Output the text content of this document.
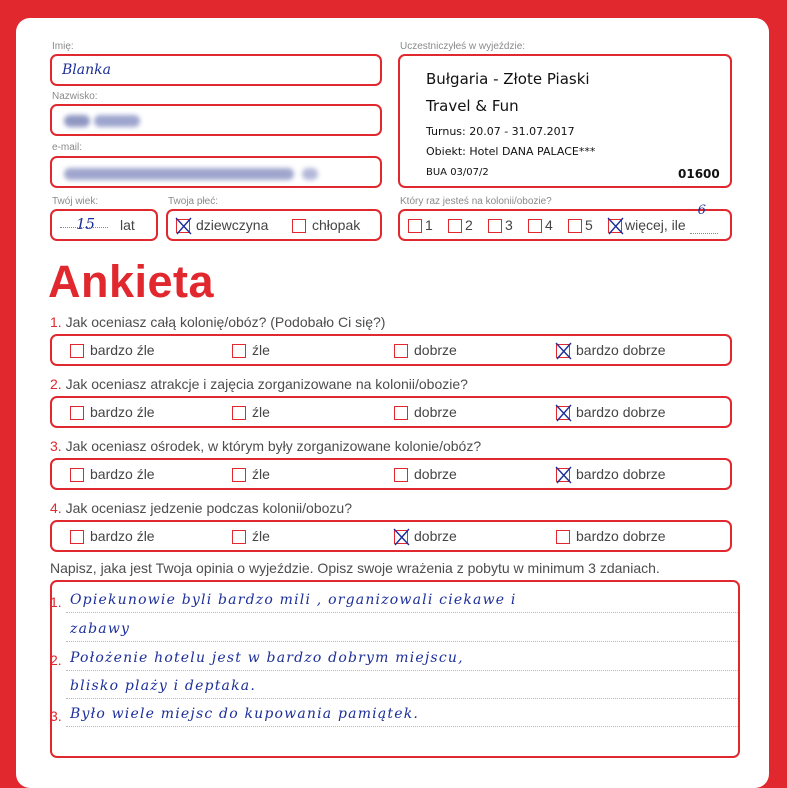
Imię:
Blanka
Nazwisko:
e-mail:
Twój wiek:
15 lat
Twoja płeć:
dziewczyna	chłopak
Uczestniczyłeś w wyjeździe:
Bułgaria - Złote Piaski
Travel & Fun
Turnus: 20.07 - 31.07.2017
Obiekt: Hotel DANA PALACE***
BUA 03/07/2	01600
Który raz jesteś na kolonii/obozie?
1	2	3	4	5	więcej, ile
6

Ankieta
1. Jak oceniasz całą kolonię/obóz? (Podobało Ci się?)
bardzo źle	źle	dobrze	bardzo dobrze
2. Jak oceniasz atrakcje i zajęcia zorganizowane na kolonii/obozie?
bardzo źle	źle	dobrze	bardzo dobrze
3. Jak oceniasz ośrodek, w którym były zorganizowane kolonie/obóz?
bardzo źle	źle	dobrze	bardzo dobrze
4. Jak oceniasz jedzenie podczas kolonii/obozu?
bardzo źle	źle	dobrze	bardzo dobrze
Napisz, jaka jest Twoja opinia o wyjeździe. Opisz swoje wrażenia z pobytu w minimum 3 zdaniach.
1. Opiekunowie byli bardzo mili , organizowali ciekawe i
zabawy
2. Położenie hotelu jest w bardzo dobrym miejscu,
blisko plaży i deptaka.
3. Było wiele miejsc do kupowania pamiątek.
